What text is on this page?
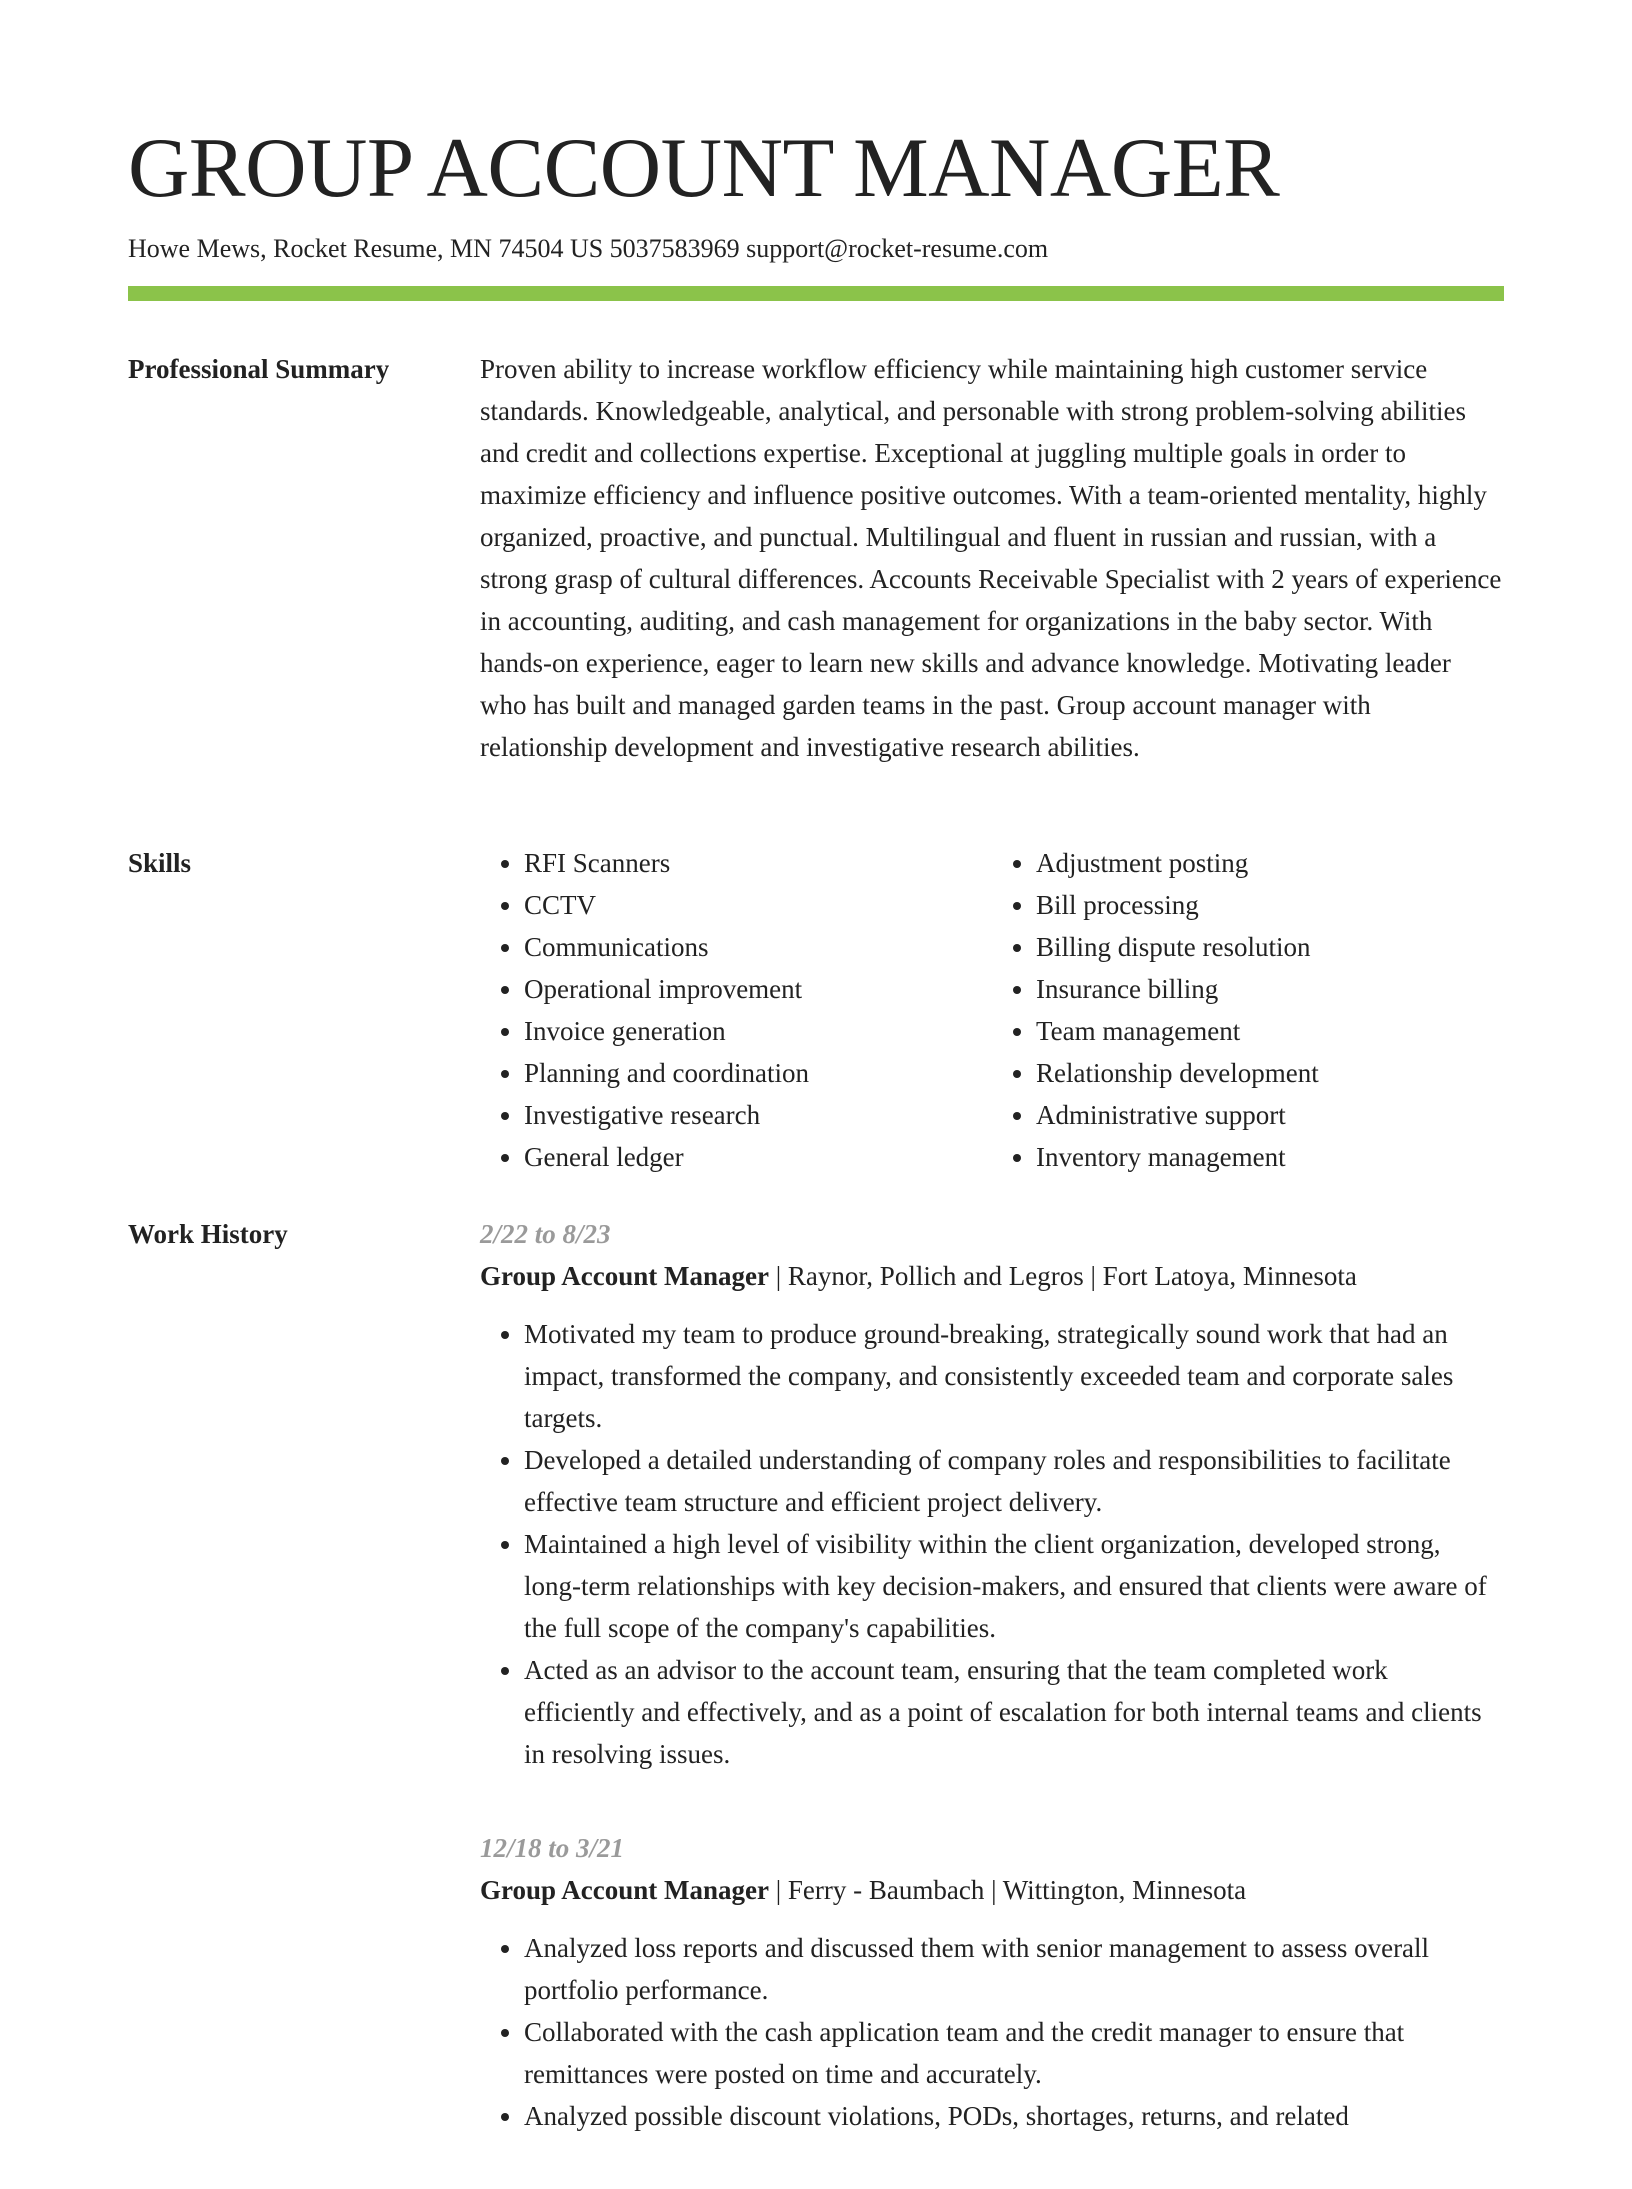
GROUP ACCOUNT MANAGER
Howe Mews, Rocket Resume, MN 74504 US 5037583969 support@rocket-resume.com
Professional Summary	Proven ability to increase workflow efficiency while maintaining high customer service standards. Knowledgeable, analytical, and personable with strong problem-solving abilities and credit and collections expertise. Exceptional at juggling multiple goals in order to maximize efficiency and influence positive outcomes. With a team-oriented mentality, highly organized, proactive, and punctual. Multilingual and fluent in russian and russian, with a strong grasp of cultural differences. Accounts Receivable Specialist with 2 years of experience in accounting, auditing, and cash management for organizations in the baby sector. With hands-on experience, eager to learn new skills and advance knowledge. Motivating leader who has built and managed garden teams in the past. Group account manager with relationship development and investigative research abilities.

Skills
•	RFI Scanners
• CCTV
• Communications
• Operational improvement
• Invoice generation
• Planning and coordination
• Investigative research
• General ledger
• Adjustment posting
• Bill processing
• Billing dispute resolution
• Insurance billing
• Team management
• Relationship development
• Administrative support
• Inventory management
Work History	2/22 to 8/23
Group Account Manager | Raynor, Pollich and Legros | Fort Latoya, Minnesota
• Motivated my team to produce ground-breaking, strategically sound work that had an impact, transformed the company, and consistently exceeded team and corporate sales targets.
• Developed a detailed understanding of company roles and responsibilities to facilitate effective team structure and efficient project delivery.
• Maintained a high level of visibility within the client organization, developed strong, long-term relationships with key decision-makers, and ensured that clients were aware of the full scope of the company's capabilities.
• Acted as an advisor to the account team, ensuring that the team completed work efficiently and effectively, and as a point of escalation for both internal teams and clients in resolving issues.
12/18 to 3/21
Group Account Manager | Ferry - Baumbach | Wittington, Minnesota
• Analyzed loss reports and discussed them with senior management to assess overall portfolio performance.
• Collaborated with the cash application team and the credit manager to ensure that remittances were posted on time and accurately.
• Analyzed possible discount violations, PODs, shortages, returns, and related
